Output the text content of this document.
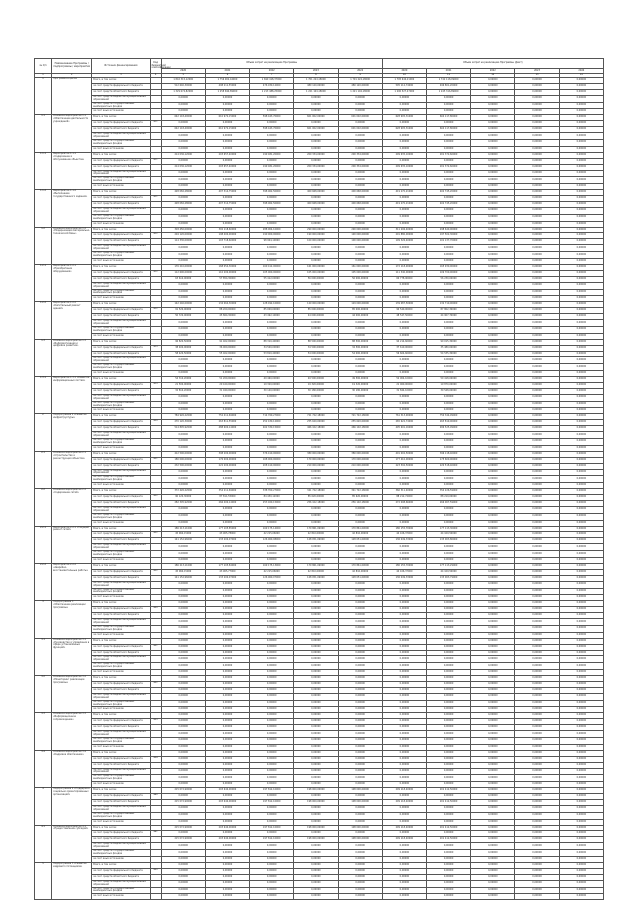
№ п/п	Наименование Программы / подпрограммы / мероприятия	Источник финансирования	Код бюджетной классификации	Объем затрат на реализацию Программы					Объем затрат на реализацию Программы (факт)				
				2020	2021	2022	2023	2024	2020	2021	2022	2023	2024
1	2	3	4	5	6	7	8	9	10	11	12	13	14
1	Программа в целом	Всего, в том числе:		1 842 315,12000	1 756 902,44000	1 690 418,37000	1 701 224,18000	1 701 224,18000	1 795 640,21000	1 742 118,09000	0,00000	0,00000	0,00000
		за счет средств федерального бюджета		512 640,30000	498 211,55000	476 930,12000	480 120,00000	480 120,00000	505 112,74000	496 801,20000	0,00000	0,00000	0,00000
		за счет средств областного бюджета		1 329 674,82000	1 258 690,89000	1 213 488,25000	1 221 104,18000	1 221 104,18000	1 290 527,47000	1 245 316,89000	0,00000	0,00000	0,00000
		за счет средств бюджетов муниципальных образований		0,00000	0,00000	0,00000	0,00000	0,00000	0,00000	0,00000	0,00000	0,00000	0,00000
		за счет средств государственных внебюджетных фондов		0,00000	0,00000	0,00000	0,00000	0,00000	0,00000	0,00000	0,00000	0,00000	0,00000
		за счет иных источников		0,00000	0,00000	0,00000	0,00000	0,00000	0,00000	0,00000	0,00000	0,00000	0,00000
1.1	Основное мероприятие 1.1 «Обеспечение деятельности учреждений»	Всего, в том числе:		642 118,40000	610 972,15000	598 443,70000	601 002,00000	601 002,00000	628 905,31000	604 117,80000	0,00000	0,00000	0,00000
		за счет средств федерального бюджета	811	0,00000	0,00000	0,00000	0,00000	0,00000	0,00000	0,00000	0,00000	0,00000	0,00000
		за счет средств областного бюджета		642 118,40000	610 972,15000	598 443,70000	601 002,00000	601 002,00000	628 905,31000	604 117,80000	0,00000	0,00000	0,00000
		за счет средств бюджетов муниципальных образований		0,00000	0,00000	0,00000	0,00000	0,00000	0,00000	0,00000	0,00000	0,00000	0,00000
		за счет средств государственных внебюджетных фондов		0,00000	0,00000	0,00000	0,00000	0,00000	0,00000	0,00000	0,00000	0,00000	0,00000
		за счет иных источников		0,00000	0,00000	0,00000	0,00000	0,00000	0,00000	0,00000	0,00000	0,00000	0,00000
1.1.1	Мероприятие 1.1.1 «Содержание и обслуживание объектов»	Всего, в том числе:		214 036,12000	203 657,40000	199 481,20000	200 334,00000	200 334,00000	209 635,10000	201 372,60000	0,00000	0,00000	0,00000
		за счет средств федерального бюджета	811	0,00000	0,00000	0,00000	0,00000	0,00000	0,00000	0,00000	0,00000	0,00000	0,00000
		за счет средств областного бюджета		214 036,12000	203 657,40000	199 481,20000	200 334,00000	200 334,00000	209 635,10000	201 372,60000	0,00000	0,00000	0,00000
		за счет средств бюджетов муниципальных образований		0,00000	0,00000	0,00000	0,00000	0,00000	0,00000	0,00000	0,00000	0,00000	0,00000
		за счет средств государственных внебюджетных фондов		0,00000	0,00000	0,00000	0,00000	0,00000	0,00000	0,00000	0,00000	0,00000	0,00000
		за счет иных источников		0,00000	0,00000	0,00000	0,00000	0,00000	0,00000	0,00000	0,00000	0,00000	0,00000
1.1.2	Мероприятие 1.1.2 «Выполнение государственного задания»	Всего, в том числе:		428 082,28000	407 314,75000	398 962,50000	400 668,00000	400 668,00000	419 270,21000	402 745,20000	0,00000	0,00000	0,00000
		за счет средств федерального бюджета	811	0,00000	0,00000	0,00000	0,00000	0,00000	0,00000	0,00000	0,00000	0,00000	0,00000
		за счет средств областного бюджета		428 082,28000	407 314,75000	398 962,50000	400 668,00000	400 668,00000	419 270,21000	402 745,20000	0,00000	0,00000	0,00000
		за счет средств бюджетов муниципальных образований		0,00000	0,00000	0,00000	0,00000	0,00000	0,00000	0,00000	0,00000	0,00000	0,00000
		за счет средств государственных внебюджетных фондов		0,00000	0,00000	0,00000	0,00000	0,00000	0,00000	0,00000	0,00000	0,00000	0,00000
		за счет иных источников		0,00000	0,00000	0,00000	0,00000	0,00000	0,00000	0,00000	0,00000	0,00000	0,00000
1.2	Основное мероприятие 1.2 «Модернизация материально-технической базы»	Всего, в том числе:		318 450,00000	302 118,60000	288 904,10000	290 000,00000	290 000,00000	311 206,40000	298 640,00000	0,00000	0,00000	0,00000
		за счет средств федерального бюджета	812	204 120,00000	198 400,00000	190 000,00000	190 000,00000	190 000,00000	201 880,00000	197 502,30000	0,00000	0,00000	0,00000
		за счет средств областного бюджета		114 330,00000	103 718,60000	98 904,10000	100 000,00000	100 000,00000	109 326,40000	101 137,70000	0,00000	0,00000	0,00000
		за счет средств бюджетов муниципальных образований		0,00000	0,00000	0,00000	0,00000	0,00000	0,00000	0,00000	0,00000	0,00000	0,00000
		за счет средств государственных внебюджетных фондов		0,00000	0,00000	0,00000	0,00000	0,00000	0,00000	0,00000	0,00000	0,00000	0,00000
		за счет иных источников		0,00000	0,00000	0,00000	0,00000	0,00000	0,00000	0,00000	0,00000	0,00000	0,00000
1.2.1	Мероприятие 1.2.1 «Приобретение оборудования»	Всего, в том числе:		176 210,00000	168 054,30000	160 412,00000	161 000,00000	161 000,00000	172 118,90000	165 930,00000	0,00000	0,00000	0,00000
		за счет средств федерального бюджета	812	112 600,00000	110 200,00000	105 000,00000	105 000,00000	105 000,00000	111 340,00000	109 700,00000	0,00000	0,00000	0,00000
		за счет средств областного бюджета		63 610,00000	57 854,30000	55 412,00000	56 000,00000	56 000,00000	60 778,90000	56 230,00000	0,00000	0,00000	0,00000
		за счет средств бюджетов муниципальных образований		0,00000	0,00000	0,00000	0,00000	0,00000	0,00000	0,00000	0,00000	0,00000	0,00000
		за счет средств государственных внебюджетных фондов		0,00000	0,00000	0,00000	0,00000	0,00000	0,00000	0,00000	0,00000	0,00000	0,00000
		за счет иных источников		0,00000	0,00000	0,00000	0,00000	0,00000	0,00000	0,00000	0,00000	0,00000	0,00000
1.2.2	Мероприятие 1.2.2 «Капитальный ремонт зданий»	Всего, в том числе:		142 240,00000	134 064,30000	128 492,10000	129 000,00000	129 000,00000	139 087,50000	132 710,00000	0,00000	0,00000	0,00000
		за счет средств федерального бюджета	812	91 520,00000	88 200,00000	85 000,00000	85 000,00000	85 000,00000	90 540,00000	87 802,30000	0,00000	0,00000	0,00000
		за счет средств областного бюджета		50 720,00000	45 864,30000	43 492,10000	44 000,00000	44 000,00000	48 547,50000	44 907,70000	0,00000	0,00000	0,00000
		за счет средств бюджетов муниципальных образований		0,00000	0,00000	0,00000	0,00000	0,00000	0,00000	0,00000	0,00000	0,00000	0,00000
		за счет средств государственных внебюджетных фондов		0,00000	0,00000	0,00000	0,00000	0,00000	0,00000	0,00000	0,00000	0,00000	0,00000
		за счет иных источников		0,00000	0,00000	0,00000	0,00000	0,00000	0,00000	0,00000	0,00000	0,00000	0,00000
1.3	Основное мероприятие 1.3 «Информатизация и цифровое развитие»	Всего, в том числе:		96 820,50000	91 402,00000	88 310,40000	88 500,00000	88 500,00000	94 214,60000	90 015,30000	0,00000	0,00000	0,00000
		за счет средств федерального бюджета	813	38 400,00000	36 000,00000	34 500,00000	34 500,00000	34 500,00000	37 610,00000	35 480,00000	0,00000	0,00000	0,00000
		за счет средств областного бюджета		58 420,50000	55 402,00000	53 810,40000	54 000,00000	54 000,00000	56 604,60000	54 535,30000	0,00000	0,00000	0,00000
		за счет средств бюджетов муниципальных образований		0,00000	0,00000	0,00000	0,00000	0,00000	0,00000	0,00000	0,00000	0,00000	0,00000
		за счет средств государственных внебюджетных фондов		0,00000	0,00000	0,00000	0,00000	0,00000	0,00000	0,00000	0,00000	0,00000	0,00000
		за счет иных источников		0,00000	0,00000	0,00000	0,00000	0,00000	0,00000	0,00000	0,00000	0,00000	0,00000
1.3.1	Мероприятие 1.3.1 «Развитие информационных систем»	Всего, в том числе:		54 310,20000	51 200,00000	49 460,00000	49 500,00000	49 500,00000	52 904,10000	50 418,00000	0,00000	0,00000	0,00000
		за счет средств федерального бюджета	813	21 500,00000	20 160,00000	19 320,00000	19 320,00000	19 320,00000	21 060,00000	19 870,00000	0,00000	0,00000	0,00000
		за счет средств областного бюджета		32 810,20000	31 040,00000	30 140,00000	30 180,00000	30 180,00000	31 844,10000	30 548,00000	0,00000	0,00000	0,00000
		за счет средств бюджетов муниципальных образований		0,00000	0,00000	0,00000	0,00000	0,00000	0,00000	0,00000	0,00000	0,00000	0,00000
		за счет средств государственных внебюджетных фондов		0,00000	0,00000	0,00000	0,00000	0,00000	0,00000	0,00000	0,00000	0,00000	0,00000
		за счет иных источников		0,00000	0,00000	0,00000	0,00000	0,00000	0,00000	0,00000	0,00000	0,00000	0,00000
2	Подпрограмма 2 «Развитие инфраструктуры»	Всего, в том числе:		784 926,22000	752 411,69000	714 760,27000	721 722,18000	721 722,18000	761 313,90000	750 344,99000	0,00000	0,00000	0,00000
		за счет средств федерального бюджета	820	270 120,30000	263 811,55000	252 430,12000	255 620,00000	255 620,00000	265 622,74000	263 819,00000	0,00000	0,00000	0,00000
		за счет средств областного бюджета		514 805,92000	488 600,14000	462 330,15000	466 102,18000	466 102,18000	495 691,16000	486 525,99000	0,00000	0,00000	0,00000
		за счет средств бюджетов муниципальных образований		0,00000	0,00000	0,00000	0,00000	0,00000	0,00000	0,00000	0,00000	0,00000	0,00000
		за счет средств государственных внебюджетных фондов		0,00000	0,00000	0,00000	0,00000	0,00000	0,00000	0,00000	0,00000	0,00000	0,00000
		за счет иных источников		0,00000	0,00000	0,00000	0,00000	0,00000	0,00000	0,00000	0,00000	0,00000	0,00000
2.1	Основное мероприятие 2.1 «Строительство и реконструкция объектов»	Всего, в том числе:		412 500,00000	398 200,00000	376 410,00000	380 000,00000	380 000,00000	401 002,50000	396 118,40000	0,00000	0,00000	0,00000
		за счет средств федерального бюджета	821	180 000,00000	176 000,00000	168 000,00000	170 000,00000	170 000,00000	177 410,00000	175 600,00000	0,00000	0,00000	0,00000
		за счет средств областного бюджета		232 500,00000	222 200,00000	208 410,00000	210 000,00000	210 000,00000	223 592,50000	220 518,40000	0,00000	0,00000	0,00000
		за счет средств бюджетов муниципальных образований		0,00000	0,00000	0,00000	0,00000	0,00000	0,00000	0,00000	0,00000	0,00000	0,00000
		за счет средств государственных внебюджетных фондов		0,00000	0,00000	0,00000	0,00000	0,00000	0,00000	0,00000	0,00000	0,00000	0,00000
		за счет иных источников		0,00000	0,00000	0,00000	0,00000	0,00000	0,00000	0,00000	0,00000	0,00000	0,00000
2.2	Основное мероприятие 2.2 «Содержание сетей»	Всего, в том числе:		372 426,22000	354 211,69000	338 350,27000	341 722,18000	341 722,18000	360 311,40000	354 226,59000	0,00000	0,00000	0,00000
		за счет средств федерального бюджета	822	90 120,30000	87 811,55000	84 430,12000	85 620,00000	85 620,00000	88 212,74000	88 219,00000	0,00000	0,00000	0,00000
		за счет средств областного бюджета		282 305,92000	266 400,14000	253 920,15000	256 102,18000	256 102,18000	272 098,66000	266 007,59000	0,00000	0,00000	0,00000
		за счет средств бюджетов муниципальных образований		0,00000	0,00000	0,00000	0,00000	0,00000	0,00000	0,00000	0,00000	0,00000	0,00000
		за счет средств государственных внебюджетных фондов		0,00000	0,00000	0,00000	0,00000	0,00000	0,00000	0,00000	0,00000	0,00000	0,00000
		за счет иных источников		0,00000	0,00000	0,00000	0,00000	0,00000	0,00000	0,00000	0,00000	0,00000	0,00000
2.2.1	Мероприятие 2.2.1 «Текущий ремонт сетей»	Всего, в том числе:		186 213,11000	177 105,85000	169 175,14000	170 861,09000	170 861,09000	180 155,70000	177 113,30000	0,00000	0,00000	0,00000
		за счет средств федерального бюджета	822	45 060,15000	43 905,78000	42 215,06000	42 810,00000	42 810,00000	44 106,37000	44 109,50000	0,00000	0,00000	0,00000
		за счет средств областного бюджета		141 152,96000	133 200,07000	126 960,08000	128 051,09000	128 051,09000	136 049,33000	133 003,80000	0,00000	0,00000	0,00000
		за счет средств бюджетов муниципальных образований		0,00000	0,00000	0,00000	0,00000	0,00000	0,00000	0,00000	0,00000	0,00000	0,00000
		за счет средств государственных внебюджетных фондов		0,00000	0,00000	0,00000	0,00000	0,00000	0,00000	0,00000	0,00000	0,00000	0,00000
		за счет иных источников		0,00000	0,00000	0,00000	0,00000	0,00000	0,00000	0,00000	0,00000	0,00000	0,00000
2.2.2	Мероприятие 2.2.2 «Аварийно-восстановительные работы»	Всего, в том числе:		186 213,11000	177 105,84000	169 175,13000	170 861,09000	170 861,09000	180 155,70000	177 113,29000	0,00000	0,00000	0,00000
		за счет средств федерального бюджета	822	45 060,15000	43 905,77000	42 215,06000	42 810,00000	42 810,00000	44 106,37000	44 109,50000	0,00000	0,00000	0,00000
		за счет средств областного бюджета		141 152,96000	133 200,07000	126 960,07000	128 051,09000	128 051,09000	136 049,33000	133 003,79000	0,00000	0,00000	0,00000
		за счет средств бюджетов муниципальных образований		0,00000	0,00000	0,00000	0,00000	0,00000	0,00000	0,00000	0,00000	0,00000	0,00000
		за счет средств государственных внебюджетных фондов		0,00000	0,00000	0,00000	0,00000	0,00000	0,00000	0,00000	0,00000	0,00000	0,00000
		за счет иных источников		0,00000	0,00000	0,00000	0,00000	0,00000	0,00000	0,00000	0,00000	0,00000	0,00000
3	Подпрограмма 3 «Обеспечение реализации программы»	Всего, в том числе:		0,00000	0,00000	0,00000	0,00000	0,00000	0,00000	0,00000	0,00000	0,00000	0,00000
		за счет средств федерального бюджета	830	0,00000	0,00000	0,00000	0,00000	0,00000	0,00000	0,00000	0,00000	0,00000	0,00000
		за счет средств областного бюджета		0,00000	0,00000	0,00000	0,00000	0,00000	0,00000	0,00000	0,00000	0,00000	0,00000
		за счет средств бюджетов муниципальных образований		0,00000	0,00000	0,00000	0,00000	0,00000	0,00000	0,00000	0,00000	0,00000	0,00000
		за счет средств государственных внебюджетных фондов		0,00000	0,00000	0,00000	0,00000	0,00000	0,00000	0,00000	0,00000	0,00000	0,00000
		за счет иных источников		0,00000	0,00000	0,00000	0,00000	0,00000	0,00000	0,00000	0,00000	0,00000	0,00000
3.1	Основное мероприятие 3.1 «Руководство и управление в сфере установленных функций»	Всего, в том числе:		0,00000	0,00000	0,00000	0,00000	0,00000	0,00000	0,00000	0,00000	0,00000	0,00000
		за счет средств федерального бюджета	831	0,00000	0,00000	0,00000	0,00000	0,00000	0,00000	0,00000	0,00000	0,00000	0,00000
		за счет средств областного бюджета		0,00000	0,00000	0,00000	0,00000	0,00000	0,00000	0,00000	0,00000	0,00000	0,00000
		за счет средств бюджетов муниципальных образований		0,00000	0,00000	0,00000	0,00000	0,00000	0,00000	0,00000	0,00000	0,00000	0,00000
		за счет средств государственных внебюджетных фондов		0,00000	0,00000	0,00000	0,00000	0,00000	0,00000	0,00000	0,00000	0,00000	0,00000
		за счет иных источников		0,00000	0,00000	0,00000	0,00000	0,00000	0,00000	0,00000	0,00000	0,00000	0,00000
3.2	Основное мероприятие 3.2 «Мониторинг реализации программы»	Всего, в том числе:		0,00000	0,00000	0,00000	0,00000	0,00000	0,00000	0,00000	0,00000	0,00000	0,00000
		за счет средств федерального бюджета	832	0,00000	0,00000	0,00000	0,00000	0,00000	0,00000	0,00000	0,00000	0,00000	0,00000
		за счет средств областного бюджета		0,00000	0,00000	0,00000	0,00000	0,00000	0,00000	0,00000	0,00000	0,00000	0,00000
		за счет средств бюджетов муниципальных образований		0,00000	0,00000	0,00000	0,00000	0,00000	0,00000	0,00000	0,00000	0,00000	0,00000
		за счет средств государственных внебюджетных фондов		0,00000	0,00000	0,00000	0,00000	0,00000	0,00000	0,00000	0,00000	0,00000	0,00000
		за счет иных источников		0,00000	0,00000	0,00000	0,00000	0,00000	0,00000	0,00000	0,00000	0,00000	0,00000
3.3	Основное мероприятие 3.3 «Информационное сопровождение»	Всего, в том числе:		0,00000	0,00000	0,00000	0,00000	0,00000	0,00000	0,00000	0,00000	0,00000	0,00000
		за счет средств федерального бюджета	833	0,00000	0,00000	0,00000	0,00000	0,00000	0,00000	0,00000	0,00000	0,00000	0,00000
		за счет средств областного бюджета		0,00000	0,00000	0,00000	0,00000	0,00000	0,00000	0,00000	0,00000	0,00000	0,00000
		за счет средств бюджетов муниципальных образований		0,00000	0,00000	0,00000	0,00000	0,00000	0,00000	0,00000	0,00000	0,00000	0,00000
		за счет средств государственных внебюджетных фондов		0,00000	0,00000	0,00000	0,00000	0,00000	0,00000	0,00000	0,00000	0,00000	0,00000
		за счет иных источников		0,00000	0,00000	0,00000	0,00000	0,00000	0,00000	0,00000	0,00000	0,00000	0,00000
3.4	Основное мероприятие 3.4 «Кадровое обеспечение»	Всего, в том числе:		0,00000	0,00000	0,00000	0,00000	0,00000	0,00000	0,00000	0,00000	0,00000	0,00000
		за счет средств федерального бюджета	834	0,00000	0,00000	0,00000	0,00000	0,00000	0,00000	0,00000	0,00000	0,00000	0,00000
		за счет средств областного бюджета		0,00000	0,00000	0,00000	0,00000	0,00000	0,00000	0,00000	0,00000	0,00000	0,00000
		за счет средств бюджетов муниципальных образований		0,00000	0,00000	0,00000	0,00000	0,00000	0,00000	0,00000	0,00000	0,00000	0,00000
		за счет средств государственных внебюджетных фондов		0,00000	0,00000	0,00000	0,00000	0,00000	0,00000	0,00000	0,00000	0,00000	0,00000
		за счет иных источников		0,00000	0,00000	0,00000	0,00000	0,00000	0,00000	0,00000	0,00000	0,00000	0,00000
4	Подпрограмма 4 «Поддержка социально ориентированных организаций»	Всего, в том числе:		215 072,90000	203 640,00000	197 812,10000	198 000,00000	198 000,00000	209 118,40000	201 412,50000	0,00000	0,00000	0,00000
		за счет средств федерального бюджета	840	0,00000	0,00000	0,00000	0,00000	0,00000	0,00000	0,00000	0,00000	0,00000	0,00000
		за счет средств областного бюджета		215 072,90000	203 640,00000	197 812,10000	198 000,00000	198 000,00000	209 118,40000	201 412,50000	0,00000	0,00000	0,00000
		за счет средств бюджетов муниципальных образований		0,00000	0,00000	0,00000	0,00000	0,00000	0,00000	0,00000	0,00000	0,00000	0,00000
		за счет средств государственных внебюджетных фондов		0,00000	0,00000	0,00000	0,00000	0,00000	0,00000	0,00000	0,00000	0,00000	0,00000
		за счет иных источников		0,00000	0,00000	0,00000	0,00000	0,00000	0,00000	0,00000	0,00000	0,00000	0,00000
4.1	Основное мероприятие 4.1 «Предоставление субсидий»	Всего, в том числе:		215 072,90000	203 640,00000	197 812,10000	198 000,00000	198 000,00000	209 118,40000	201 412,50000	0,00000	0,00000	0,00000
		за счет средств федерального бюджета	841	0,00000	0,00000	0,00000	0,00000	0,00000	0,00000	0,00000	0,00000	0,00000	0,00000
		за счет средств областного бюджета		215 072,90000	203 640,00000	197 812,10000	198 000,00000	198 000,00000	209 118,40000	201 412,50000	0,00000	0,00000	0,00000
		за счет средств бюджетов муниципальных образований		0,00000	0,00000	0,00000	0,00000	0,00000	0,00000	0,00000	0,00000	0,00000	0,00000
		за счет средств государственных внебюджетных фондов		0,00000	0,00000	0,00000	0,00000	0,00000	0,00000	0,00000	0,00000	0,00000	0,00000
		за счет иных источников		0,00000	0,00000	0,00000	0,00000	0,00000	0,00000	0,00000	0,00000	0,00000	0,00000
5	Подпрограмма 5 «Развитие кадрового потенциала»	Всего, в том числе:		0,00000	0,00000	0,00000	0,00000	0,00000	0,00000	0,00000	0,00000	0,00000	0,00000
		за счет средств федерального бюджета	850	0,00000	0,00000	0,00000	0,00000	0,00000	0,00000	0,00000	0,00000	0,00000	0,00000
		за счет средств областного бюджета		0,00000	0,00000	0,00000	0,00000	0,00000	0,00000	0,00000	0,00000	0,00000	0,00000
		за счет средств бюджетов муниципальных образований		0,00000	0,00000	0,00000	0,00000	0,00000	0,00000	0,00000	0,00000	0,00000	0,00000
		за счет средств государственных внебюджетных фондов		0,00000	0,00000	0,00000	0,00000	0,00000	0,00000	0,00000	0,00000	0,00000	0,00000
		за счет иных источников		0,00000	0,00000	0,00000	0,00000	0,00000	0,00000	0,00000	0,00000	0,00000	0,00000
